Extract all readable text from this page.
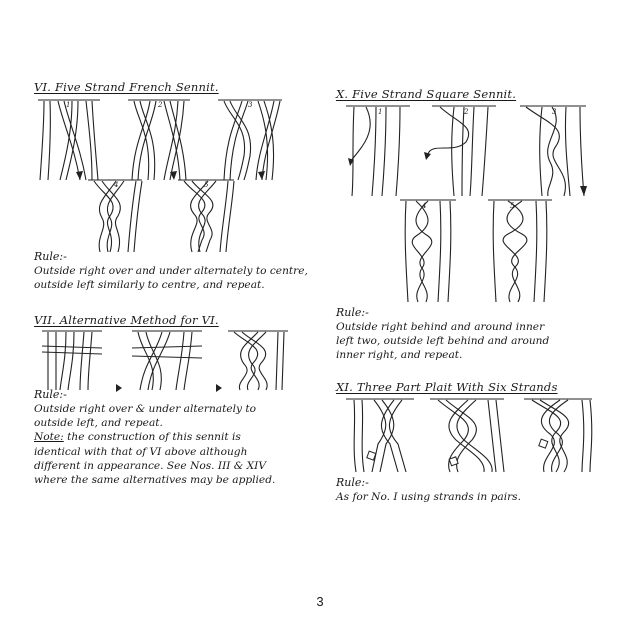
VI. Five Strand French Sennit.
1	2	3
4	5
Rule:-
Outside right over and under alternately to centre,
outside left similarly to centre, and repeat.
VII. Alternative Method for VI.
Rule:-
Outside right over & under alternately to
outside left, and repeat.
Note: the construction of this sennit is
identical with that of VI above although
different in appearance. See Nos. III & XIV
where the same alternatives may be applied.
X. Five Strand Square Sennit.
1	2	3
4	5
Rule:-
Outside right behind and around inner
left two, outside left behind and around
inner right, and repeat.
XI. Three Part Plait With Six Strands
Rule:-
As for No. I using strands in pairs.
3
